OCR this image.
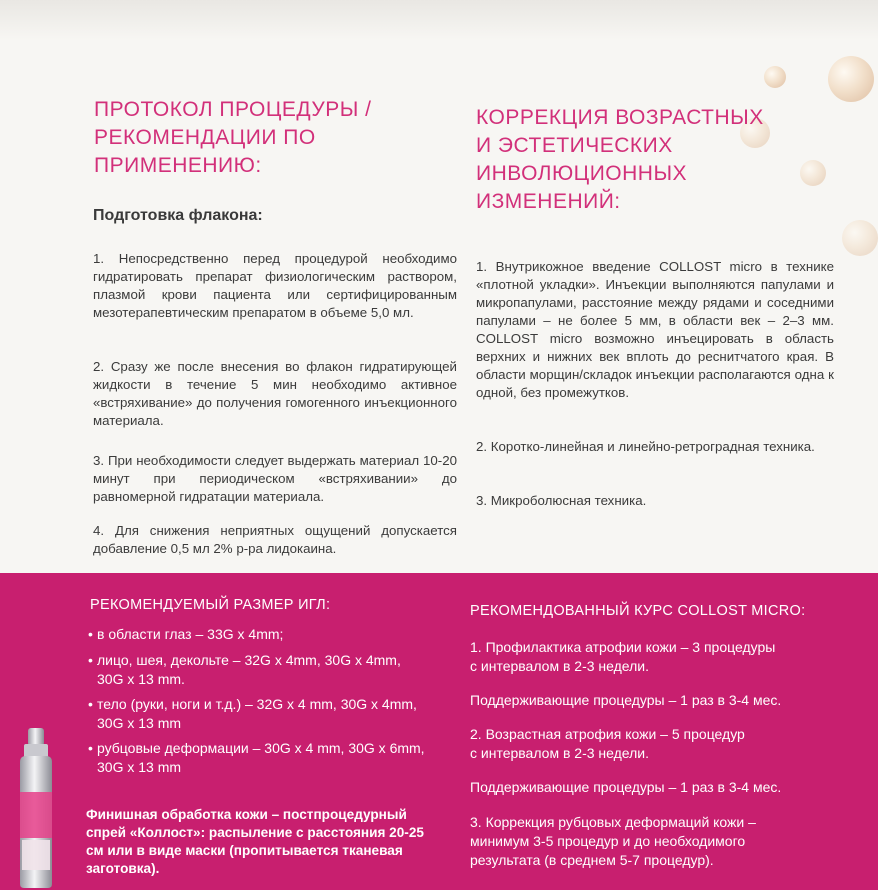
ПРОТОКОЛ ПРОЦЕДУРЫ /
РЕКОМЕНДАЦИИ ПО
ПРИМЕНЕНИЮ:
Подготовка флакона:

1. Непосредственно перед процедурой необходимо гидратировать препарат физиологическим раствором, плазмой крови пациента или сертифицированным мезотерапевтическим препаратом в объеме 5,0 мл.

2. Сразу же после внесения во флакон гидратирующей жидкости в течение 5 мин необходимо активное «встряхивание» до получения гомогенного инъекционного материала.

3. При необходимости следует выдержать материал 10-20 минут при периодическом «встряхивании» до равномерной гидратации материала.

4. Для снижения неприятных ощущений допускается добавление 0,5 мл 2% р-ра лидокаина.

КОРРЕКЦИЯ ВОЗРАСТНЫХ
И ЭСТЕТИЧЕСКИХ
ИНВОЛЮЦИОННЫХ
ИЗМЕНЕНИЙ:

1. Внутрикожное введение COLLOST micro в технике «плотной укладки». Инъекции выполняются папулами и микропапулами, расстояние между рядами и соседними папулами – не более 5 мм, в области век – 2–3 мм. COLLOST micro возможно инъецировать в область верхних и нижних век вплоть до реснитчатого края. В области морщин/складок инъекции располагаются одна к одной, без промежутков.

2. Коротко-линейная и линейно-ретроградная техника.

3. Микроболюсная техника.

РЕКОМЕНДУЕМЫЙ РАЗМЕР ИГЛ:

• в области глаз – 33G х 4mm;

• лицо, шея, декольте – 32G х 4mm, 30G х 4mm,
30G х 13 mm.

• тело (руки, ноги и т.д.) – 32G х 4 mm, 30G х 4mm,
30G х 13 mm

• рубцовые деформации – 30G х 4 mm, 30G х 6mm,
30G х 13 mm

Финишная обработка кожи – постпроцедурный спрей «Коллост»: распыление с расстояния 20-25 см или в виде маски (пропитывается тканевая заготовка).

РЕКОМЕНДОВАННЫЙ КУРС COLLOST MICRO:

1. Профилактика атрофии кожи – 3 процедуры
с интервалом в 2-3 недели.

Поддерживающие процедуры – 1 раз в 3-4 мес.

2. Возрастная атрофия кожи – 5 процедур
с интервалом в 2-3 недели.

Поддерживающие процедуры – 1 раз в 3-4 мес.

3. Коррекция рубцовых деформаций кожи –
минимум 3-5 процедур и до необходимого
результата (в среднем 5-7 процедур).
